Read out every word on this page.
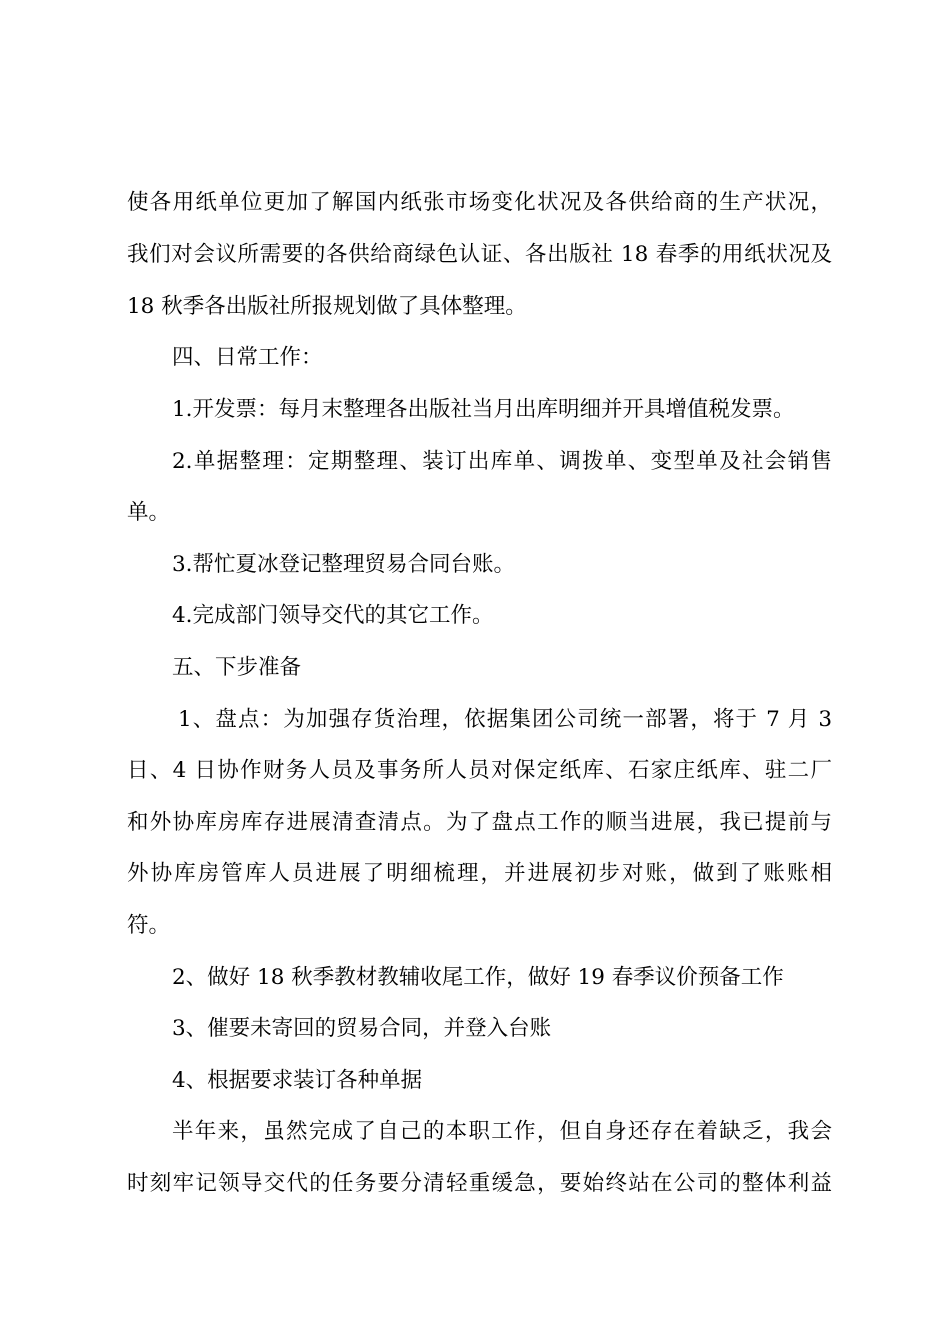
使各用纸单位更加了解国内纸张市场变化状况及各供给商的生产状况，
我们对会议所需要的各供给商绿色认证、各出版社 18 春季的用纸状况及
18 秋季各出版社所报规划做了具体整理。
四、日常工作：
1.开发票：每月末整理各出版社当月出库明细并开具增值税发票。
2.单据整理：定期整理、装订出库单、调拨单、变型单及社会销售
单。
3.帮忙夏冰登记整理贸易合同台账。
4.完成部门领导交代的其它工作。
五、下步准备
1、盘点：为加强存货治理，依据集团公司统一部署，将于 7 月 3
日、4 日协作财务人员及事务所人员对保定纸库、石家庄纸库、驻二厂
和外协库房库存进展清查清点。为了盘点工作的顺当进展，我已提前与
外协库房管库人员进展了明细梳理，并进展初步对账，做到了账账相
符。
2、做好 18 秋季教材教辅收尾工作，做好 19 春季议价预备工作
3、催要未寄回的贸易合同，并登入台账
4、根据要求装订各种单据
半年来，虽然完成了自己的本职工作，但自身还存在着缺乏，我会
时刻牢记领导交代的任务要分清轻重缓急，要始终站在公司的整体利益
